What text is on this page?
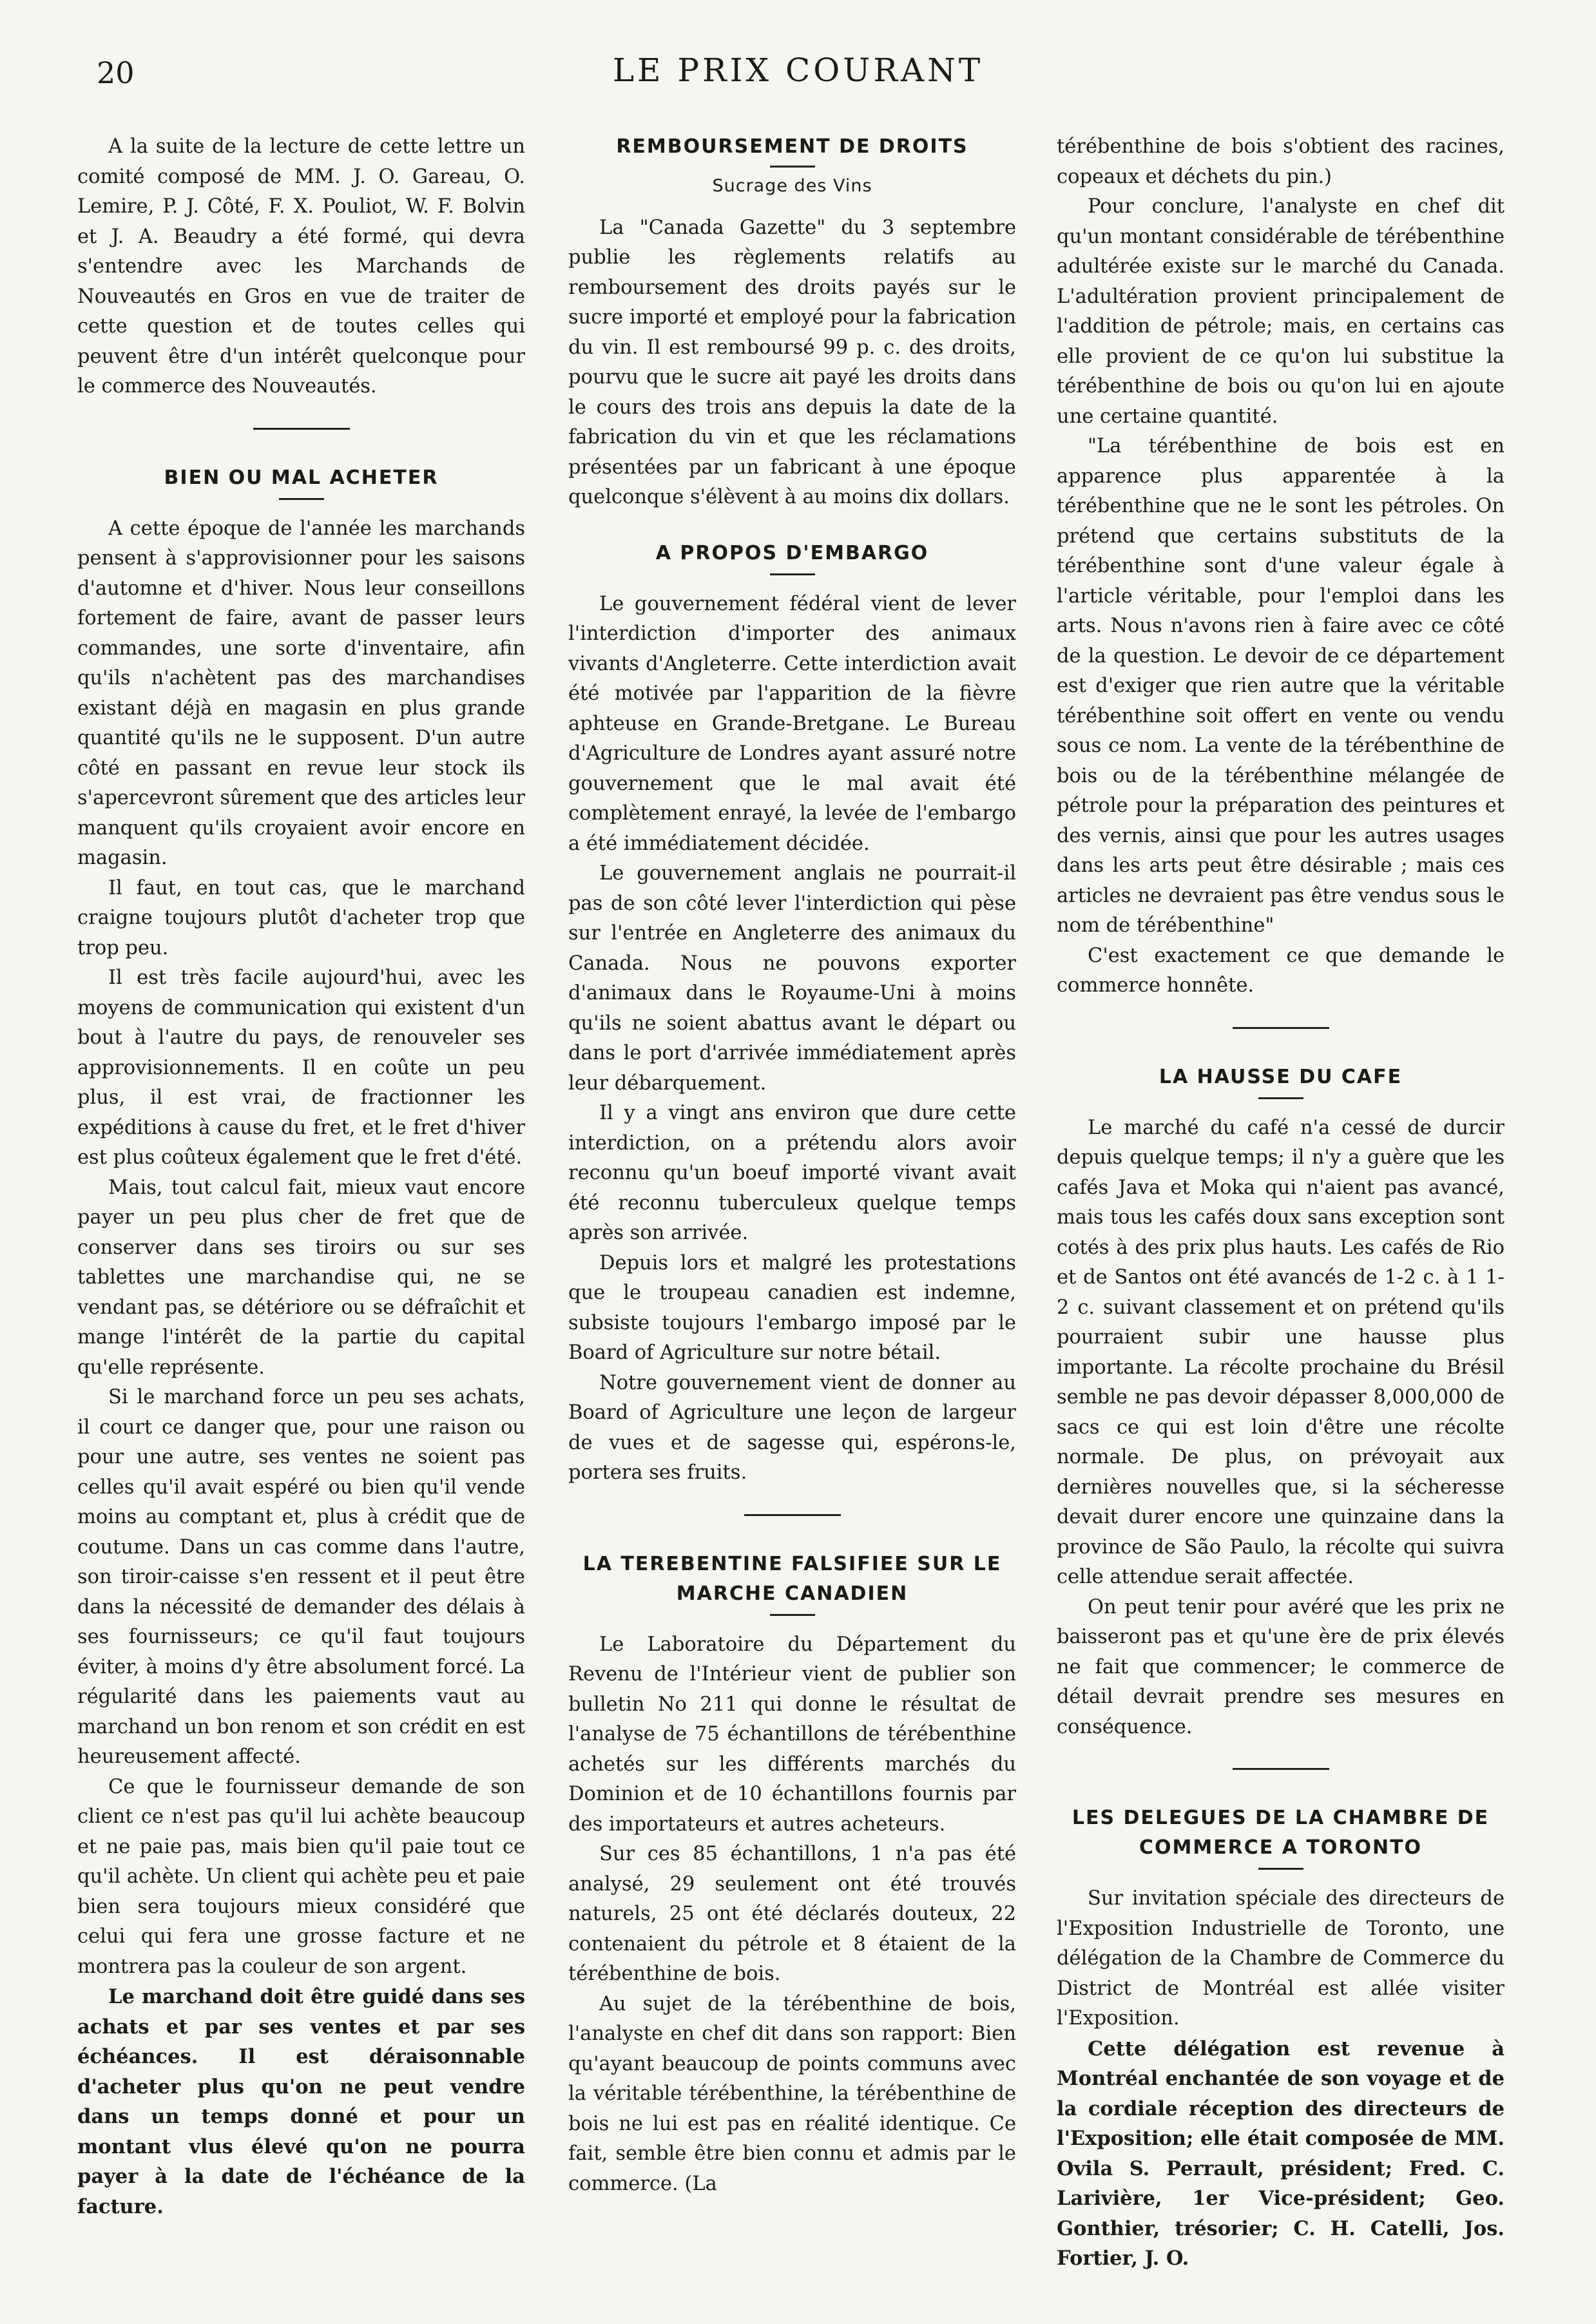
20	LE PRIX COURANT

A la suite de la lecture de cette lettre un comité composé de MM. J. O. Gareau, O. Lemire, P. J. Côté, F. X. Pouliot, W. F. Bolvin et J. A. Beaudry a été formé, qui devra s'entendre avec les Marchands de Nouveautés en Gros en vue de traiter de cette question et de toutes celles qui peuvent être d'un intérêt quelconque pour le commerce des Nouveautés.

BIEN OU MAL ACHETER

A cette époque de l'année les marchands pensent à s'approvisionner pour les saisons d'automne et d'hiver. Nous leur conseillons fortement de faire, avant de passer leurs commandes, une sorte d'inventaire, afin qu'ils n'achètent pas des marchandises existant déjà en magasin en plus grande quantité qu'ils ne le supposent. D'un autre côté en passant en revue leur stock ils s'apercevront sûrement que des articles leur manquent qu'ils croyaient avoir encore en magasin.

Il faut, en tout cas, que le marchand craigne toujours plutôt d'acheter trop que trop peu.

Il est très facile aujourd'hui, avec les moyens de communication qui existent d'un bout à l'autre du pays, de renouveler ses approvisionnements. Il en coûte un peu plus, il est vrai, de fractionner les expéditions à cause du fret, et le fret d'hiver est plus coûteux également que le fret d'été.

Mais, tout calcul fait, mieux vaut encore payer un peu plus cher de fret que de conserver dans ses tiroirs ou sur ses tablettes une marchandise qui, ne se vendant pas, se détériore ou se défraîchit et mange l'intérêt de la partie du capital qu'elle représente.

Si le marchand force un peu ses achats, il court ce danger que, pour une raison ou pour une autre, ses ventes ne soient pas celles qu'il avait espéré ou bien qu'il vende moins au comptant et, plus à crédit que de coutume. Dans un cas comme dans l'autre, son tiroir-caisse s'en ressent et il peut être dans la nécessité de demander des délais à ses fournisseurs; ce qu'il faut toujours éviter, à moins d'y être absolument forcé. La régularité dans les paiements vaut au marchand un bon renom et son crédit en est heureusement affecté.

Ce que le fournisseur demande de son client ce n'est pas qu'il lui achète beaucoup et ne paie pas, mais bien qu'il paie tout ce qu'il achète. Un client qui achète peu et paie bien sera toujours mieux considéré que celui qui fera une grosse facture et ne montrera pas la couleur de son argent.

Le marchand doit être guidé dans ses achats et par ses ventes et par ses échéances. Il est déraisonnable d'acheter plus qu'on ne peut vendre dans un temps donné et pour un montant vlus élevé qu'on ne pourra payer à la date de l'échéance de la facture.

REMBOURSEMENT DE DROITS
Sucrage des Vins

La "Canada Gazette" du 3 septembre publie les règlements relatifs au remboursement des droits payés sur le sucre importé et employé pour la fabrication du vin. Il est remboursé 99 p. c. des droits, pourvu que le sucre ait payé les droits dans le cours des trois ans depuis la date de la fabrication du vin et que les réclamations présentées par un fabricant à une époque quelconque s'élèvent à au moins dix dollars.

A PROPOS D'EMBARGO

Le gouvernement fédéral vient de lever l'interdiction d'importer des animaux vivants d'Angleterre. Cette interdiction avait été motivée par l'apparition de la fièvre aphteuse en Grande-Bretgane. Le Bureau d'Agriculture de Londres ayant assuré notre gouvernement que le mal avait été complètement enrayé, la levée de l'embargo a été immédiatement décidée.

Le gouvernement anglais ne pourrait-il pas de son côté lever l'interdiction qui pèse sur l'entrée en Angleterre des animaux du Canada. Nous ne pouvons exporter d'animaux dans le Royaume-Uni à moins qu'ils ne soient abattus avant le départ ou dans le port d'arrivée immédiatement après leur débarquement.

Il y a vingt ans environ que dure cette interdiction, on a prétendu alors avoir reconnu qu'un boeuf importé vivant avait été reconnu tuberculeux quelque temps après son arrivée.

Depuis lors et malgré les protestations que le troupeau canadien est indemne, subsiste toujours l'embargo imposé par le Board of Agriculture sur notre bétail.

Notre gouvernement vient de donner au Board of Agriculture une leçon de largeur de vues et de sagesse qui, espérons-le, portera ses fruits.

LA TEREBENTINE FALSIFIEE SUR LE MARCHE CANADIEN

Le Laboratoire du Département du Revenu de l'Intérieur vient de publier son bulletin No 211 qui donne le résultat de l'analyse de 75 échantillons de térébenthine achetés sur les différents marchés du Dominion et de 10 échantillons fournis par des importateurs et autres acheteurs.

Sur ces 85 échantillons, 1 n'a pas été analysé, 29 seulement ont été trouvés naturels, 25 ont été déclarés douteux, 22 contenaient du pétrole et 8 étaient de la térébenthine de bois.

Au sujet de la térébenthine de bois, l'analyste en chef dit dans son rapport: Bien qu'ayant beaucoup de points communs avec la véritable térébenthine, la térébenthine de bois ne lui est pas en réalité identique. Ce fait, semble être bien connu et admis par le commerce. (La

térébenthine de bois s'obtient des racines, copeaux et déchets du pin.)

Pour conclure, l'analyste en chef dit qu'un montant considérable de térébenthine adultérée existe sur le marché du Canada. L'adultération provient principalement de l'addition de pétrole; mais, en certains cas elle provient de ce qu'on lui substitue la térébenthine de bois ou qu'on lui en ajoute une certaine quantité.

"La térébenthine de bois est en apparence plus apparentée à la térébenthine que ne le sont les pétroles. On prétend que certains substituts de la térébenthine sont d'une valeur égale à l'article véritable, pour l'emploi dans les arts. Nous n'avons rien à faire avec ce côté de la question. Le devoir de ce département est d'exiger que rien autre que la véritable térébenthine soit offert en vente ou vendu sous ce nom. La vente de la térébenthine de bois ou de la térébenthine mélangée de pétrole pour la préparation des peintures et des vernis, ainsi que pour les autres usages dans les arts peut être désirable ; mais ces articles ne devraient pas être vendus sous le nom de térébenthine"

C'est exactement ce que demande le commerce honnête.

LA HAUSSE DU CAFE

Le marché du café n'a cessé de durcir depuis quelque temps; il n'y a guère que les cafés Java et Moka qui n'aient pas avancé, mais tous les cafés doux sans exception sont cotés à des prix plus hauts. Les cafés de Rio et de Santos ont été avancés de 1-2 c. à 1 1-2 c. suivant classement et on prétend qu'ils pourraient subir une hausse plus importante. La récolte prochaine du Brésil semble ne pas devoir dépasser 8,000,000 de sacs ce qui est loin d'être une récolte normale. De plus, on prévoyait aux dernières nouvelles que, si la sécheresse devait durer encore une quinzaine dans la province de São Paulo, la récolte qui suivra celle attendue serait affectée.

On peut tenir pour avéré que les prix ne baisseront pas et qu'une ère de prix élevés ne fait que commencer; le commerce de détail devrait prendre ses mesures en conséquence.

LES DELEGUES DE LA CHAMBRE DE COMMERCE A TORONTO

Sur invitation spéciale des directeurs de l'Exposition Industrielle de Toronto, une délégation de la Chambre de Commerce du District de Montréal est allée visiter l'Exposition.

Cette délégation est revenue à Montréal enchantée de son voyage et de la cordiale réception des directeurs de l'Exposition; elle était composée de MM. Ovila S. Perrault, président; Fred. C. Larivière, 1er Vice-président; Geo. Gonthier, trésorier; C. H. Catelli, Jos. Fortier, J. O.
